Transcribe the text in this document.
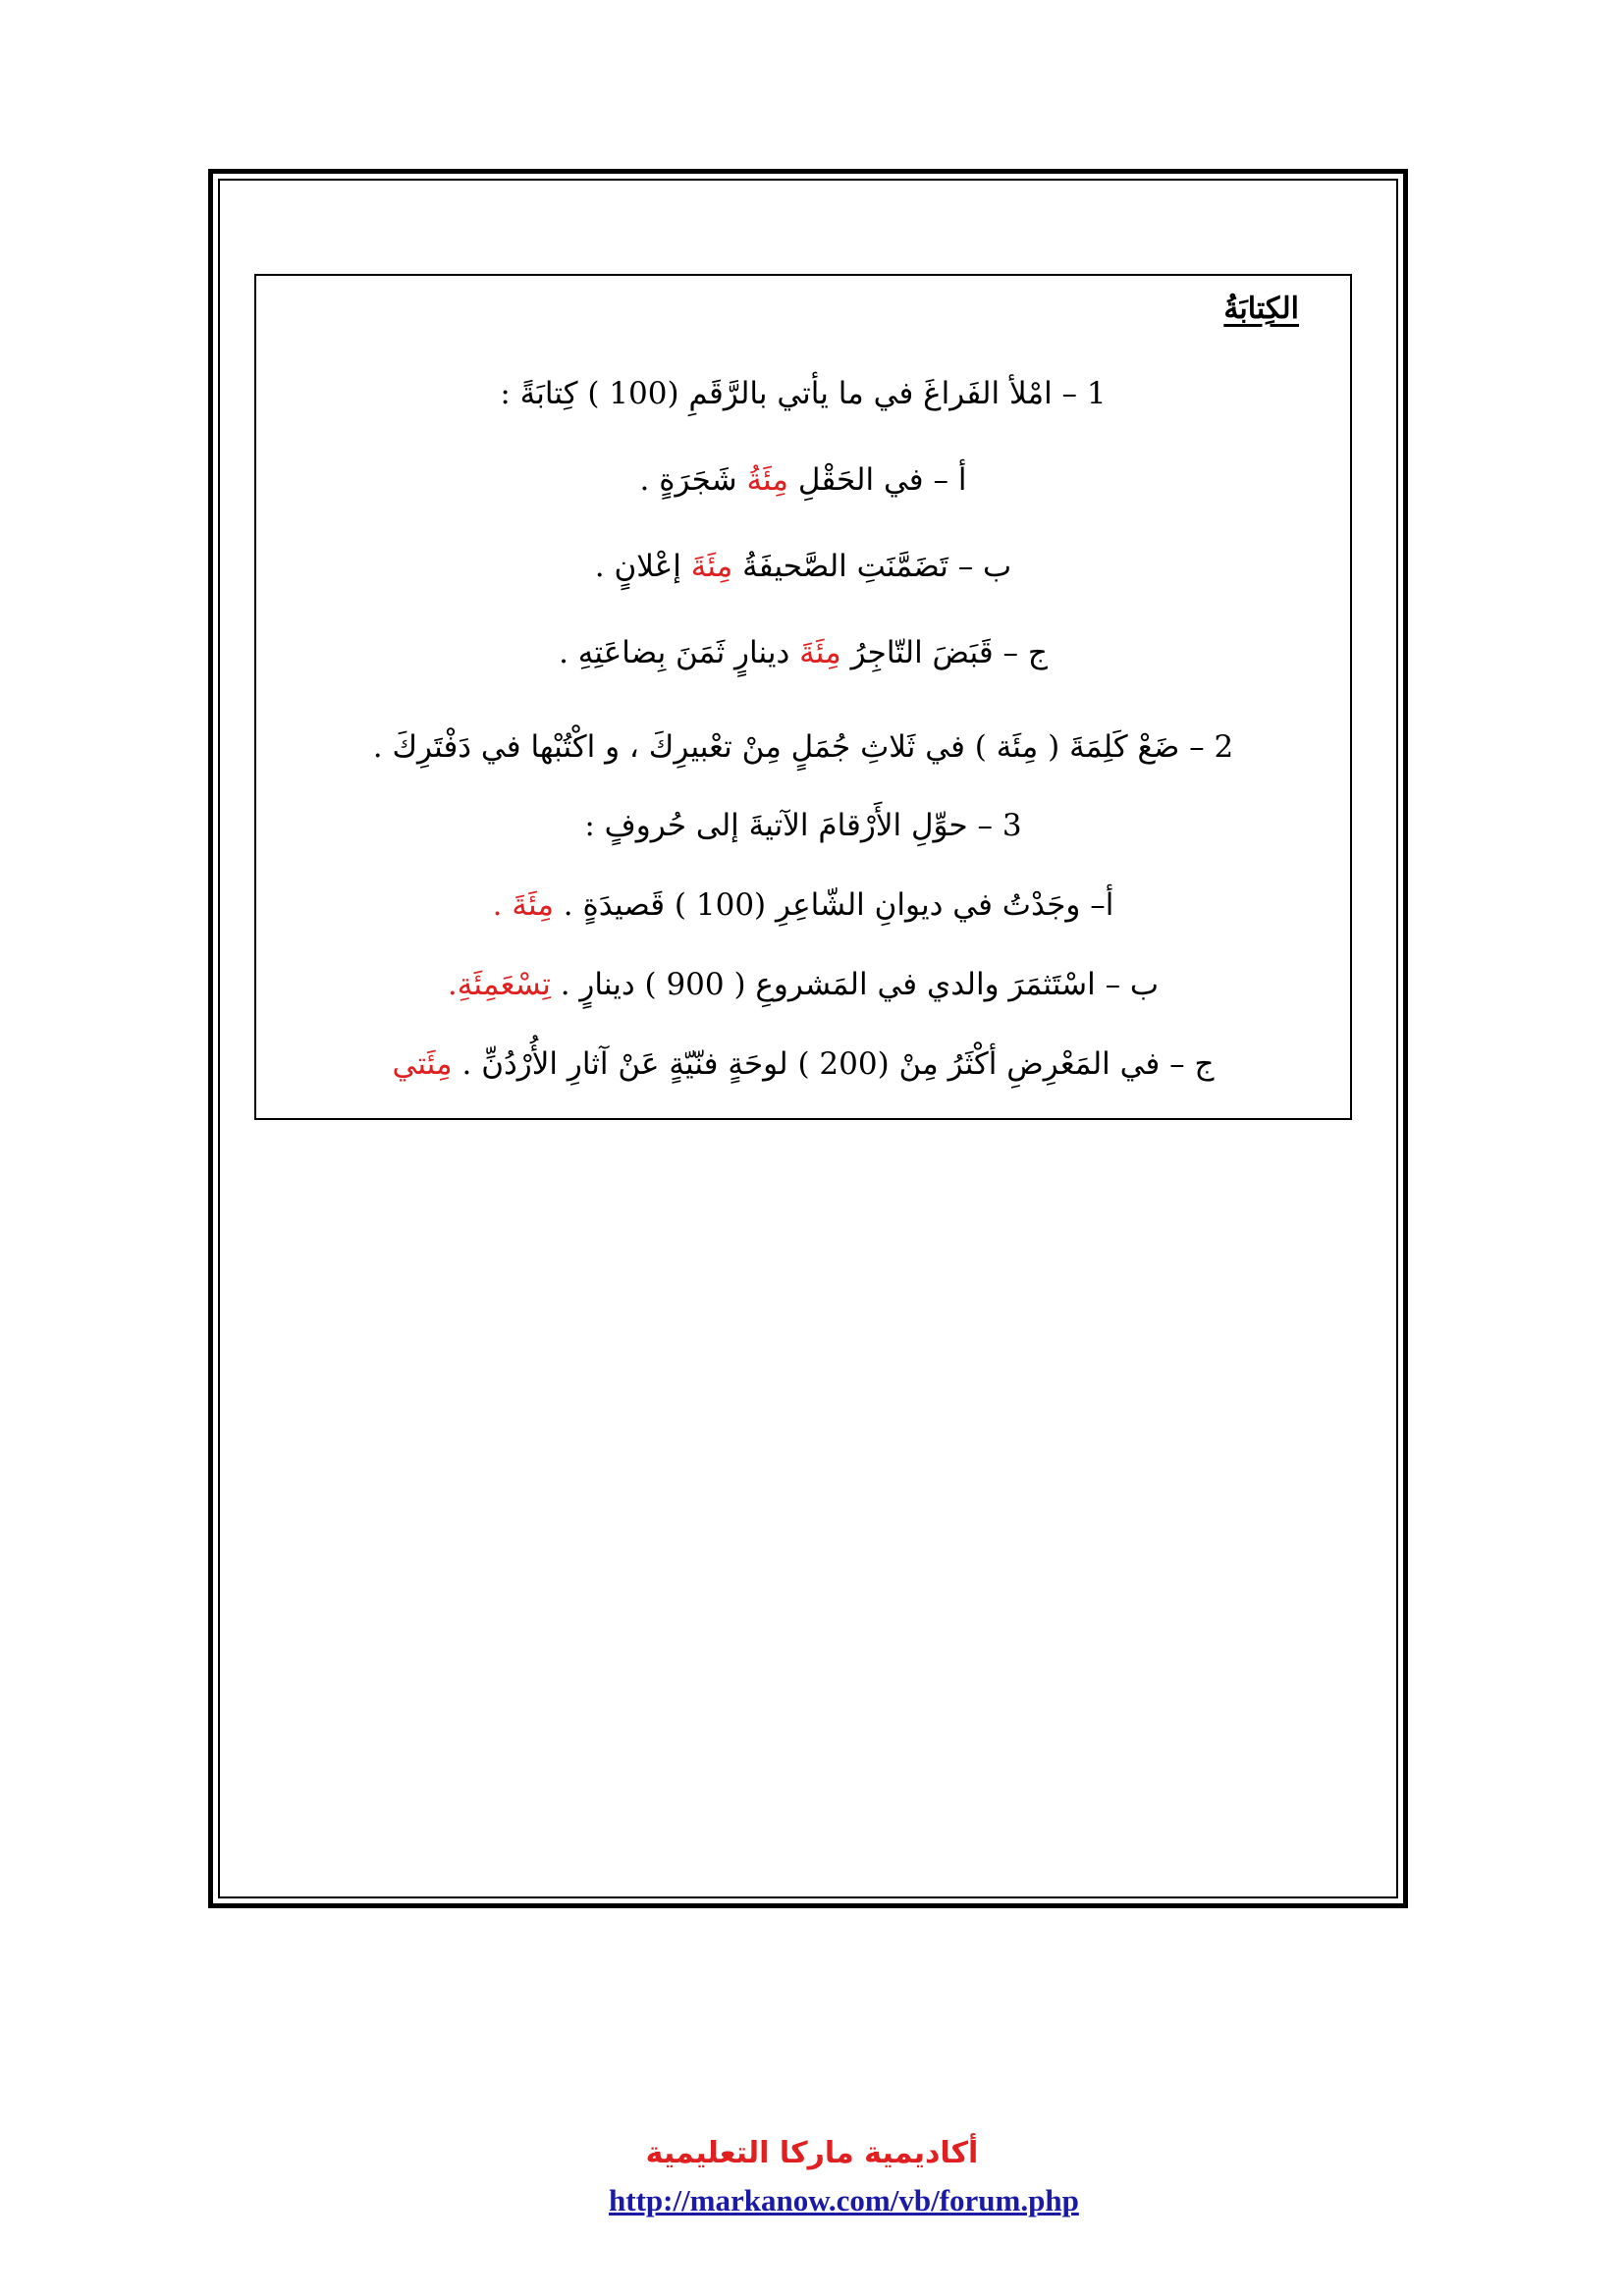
الكِتابَةُ

1 – امْلأ الفَراغَ في ما يأتي بالرَّقَمِ (100 ) كِتابَةً :

أ – في الحَقْلِ مِئَةُ شَجَرَةٍ .

ب – تَضَمَّنَتِ الصَّحيفَةُ مِئَةَ إعْلانٍ .

ج – قَبَضَ التّاجِرُ مِئَةَ دينارٍ ثَمَنَ بِضاعَتِهِ .

2 – ضَعْ كَلِمَةَ ( مِئَة ) في ثَلاثِ جُمَلٍ مِنْ تعْبيرِكَ ، و اكْتُبْها في دَفْتَرِكَ .

3 – حوِّلِ الأَرْقامَ الآتيةَ إلى حُروفٍ :

أ– وجَدْتُ في ديوانِ الشّاعِرِ (100 ) قَصيدَةٍ . مِئَةَ .

ب – اسْتَثمَرَ والدي في المَشروعِ ( 900 ) دينارٍ . تِسْعَمِئَةِ.

ج – في المَعْرِضِ أكْثَرُ مِنْ (200 ) لوحَةٍ فنّيّةٍ عَنْ آثارِ الأُرْدُنِّ . مِئَتي

أكاديمية ماركا التعليمية

http://markanow.com/vb/forum.php
